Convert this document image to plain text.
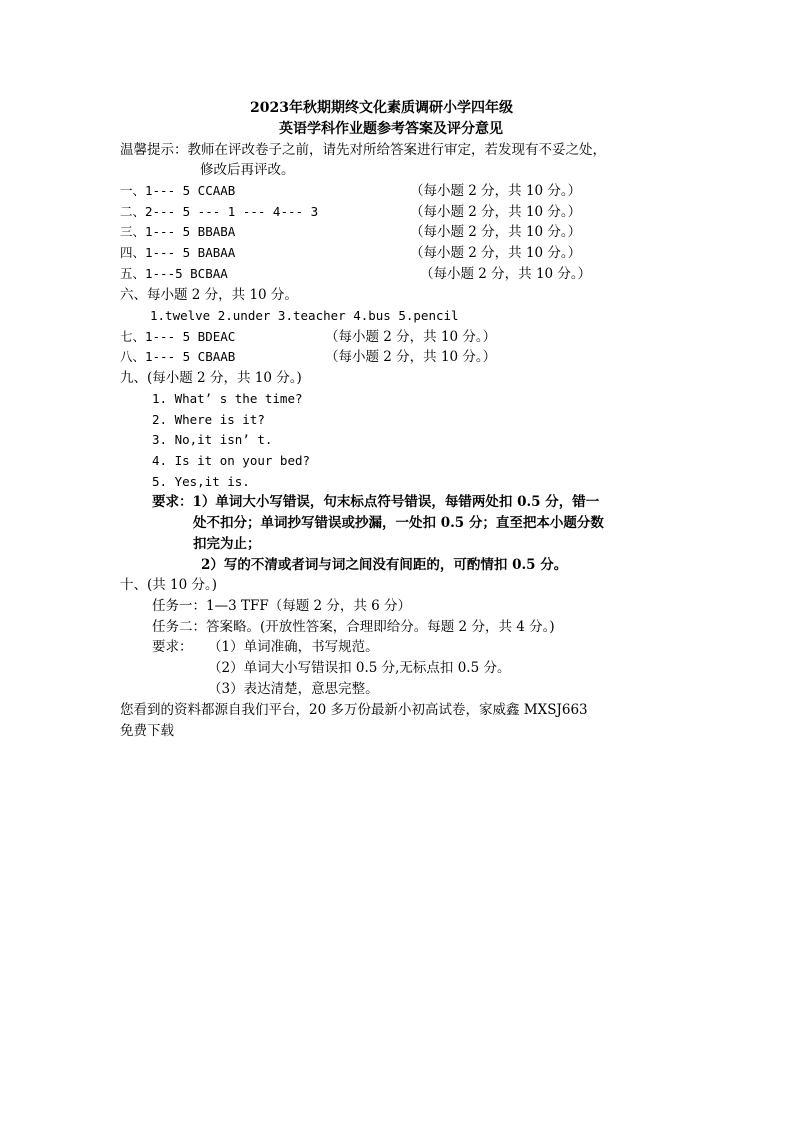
2023年秋期期终文化素质调研小学四年级
英语学科作业题参考答案及评分意见
温馨提示：教师在评改卷子之前，请先对所给答案进行审定，若发现有不妥之处，
修改后再评改。
一、1--- 5 CCAAB	（每小题 2 分，共 10 分。）
二、2--- 5 --- 1 --- 4--- 3	（每小题 2 分，共 10 分。）
三、1--- 5 BBABA	（每小题 2 分，共 10 分。）
四、1--- 5 BABAA	（每小题 2 分，共 10 分。）
五、1---5 BCBAA	（每小题 2 分，共 10 分。）
六、每小题 2 分，共 10 分。
1.twelve 2.under 3.teacher 4.bus 5.pencil
七、1--- 5 BDEAC	（每小题 2 分，共 10 分。）
八、1--- 5 CBAAB	（每小题 2 分，共 10 分。）
九、(每小题 2 分，共 10 分。)
1. What’ s the time?
2. Where is it?
3. No,it isn’ t.
4. Is it on your bed?
5. Yes,it is.
要求：1）单词大小写错误，句末标点符号错误，每错两处扣 0.5 分，错一
处不扣分；单词抄写错误或抄漏，一处扣 0.5 分；直至把本小题分数
扣完为止；
2）写的不清或者词与词之间没有间距的，可酌情扣 0.5 分。
十、(共 10 分。)
任务一：1—3 TFF（每题 2 分，共 6 分）
任务二：答案略。(开放性答案，合理即给分。每题 2 分，共 4 分。)
要求： （1）单词准确，书写规范。
（2）单词大小写错误扣 0.5 分,无标点扣 0.5 分。
（3）表达清楚，意思完整。
您看到的资料都源自我们平台，20 多万份最新小初高试卷，家威鑫 MXSJ663
免费下载
